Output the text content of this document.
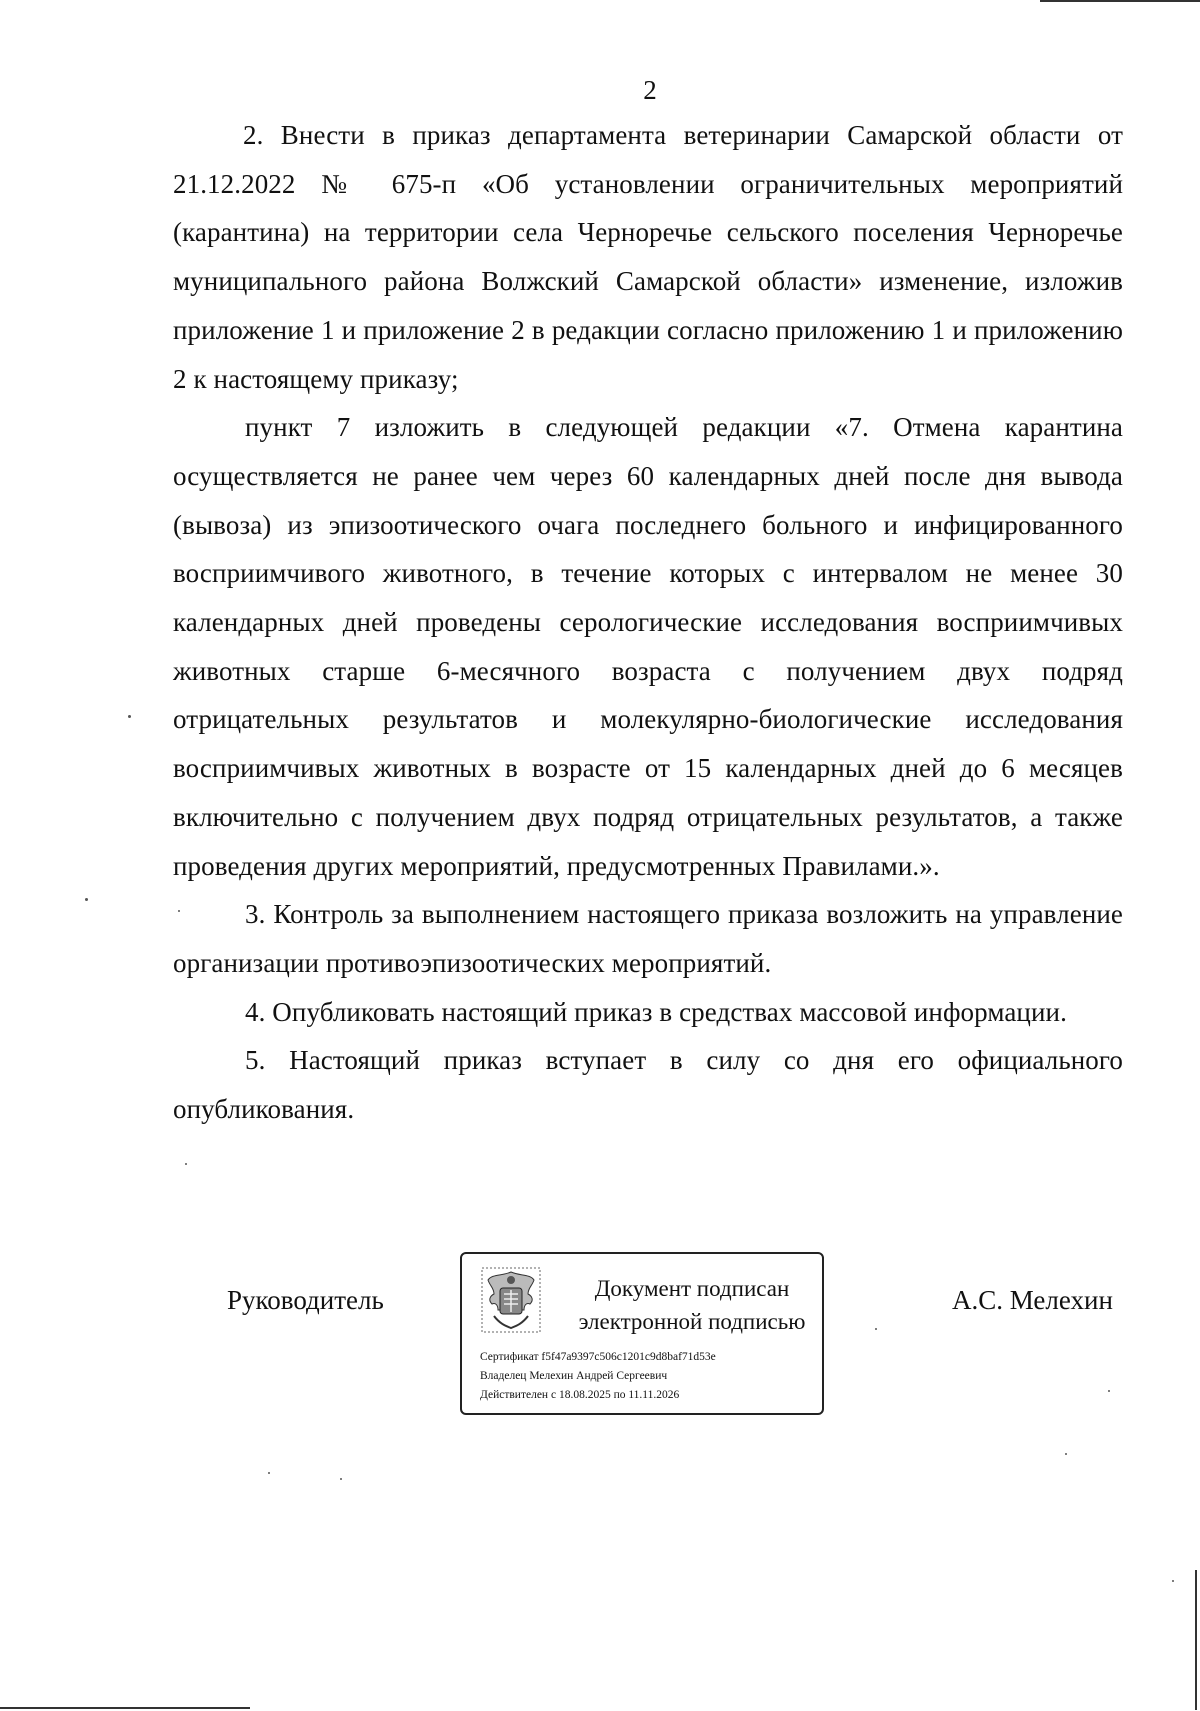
2

2. Внести в приказ департамента ветеринарии Самарской области от 21.12.2022 № 675-п «Об установлении ограничительных мероприятий (карантина) на территории села Черноречье сельского поселения Черноречье муниципального района Волжский Самарской области» изменение, изложив приложение 1 и приложение 2 в редакции согласно приложению 1 и приложению 2 к настоящему приказу;

пункт 7 изложить в следующей редакции «7. Отмена карантина осуществляется не ранее чем через 60 календарных дней после дня вывода (вывоза) из эпизоотического очага последнего больного и инфицированного восприимчивого животного, в течение которых с интервалом не менее 30 календарных дней проведены серологические исследования восприимчивых животных старше 6-месячного возраста с получением двух подряд отрицательных результатов и молекулярно-биологические исследования восприимчивых животных в возрасте от 15 календарных дней до 6 месяцев включительно с получением двух подряд отрицательных результатов, а также проведения других мероприятий, предусмотренных Правилами.».

3. Контроль за выполнением настоящего приказа возложить на управление организации противоэпизоотических мероприятий.

4. Опубликовать настоящий приказ в средствах массовой информации.

5. Настоящий приказ вступает в силу со дня его официального опубликования.

Руководитель	Документ подписан
электронной подписью
Сертификат f5f47a9397c506c1201c9d8baf71d53e
Владелец Мелехин Андрей Сергеевич
Действителен с 18.08.2025 по 11.11.2026
А.С. Мелехин
